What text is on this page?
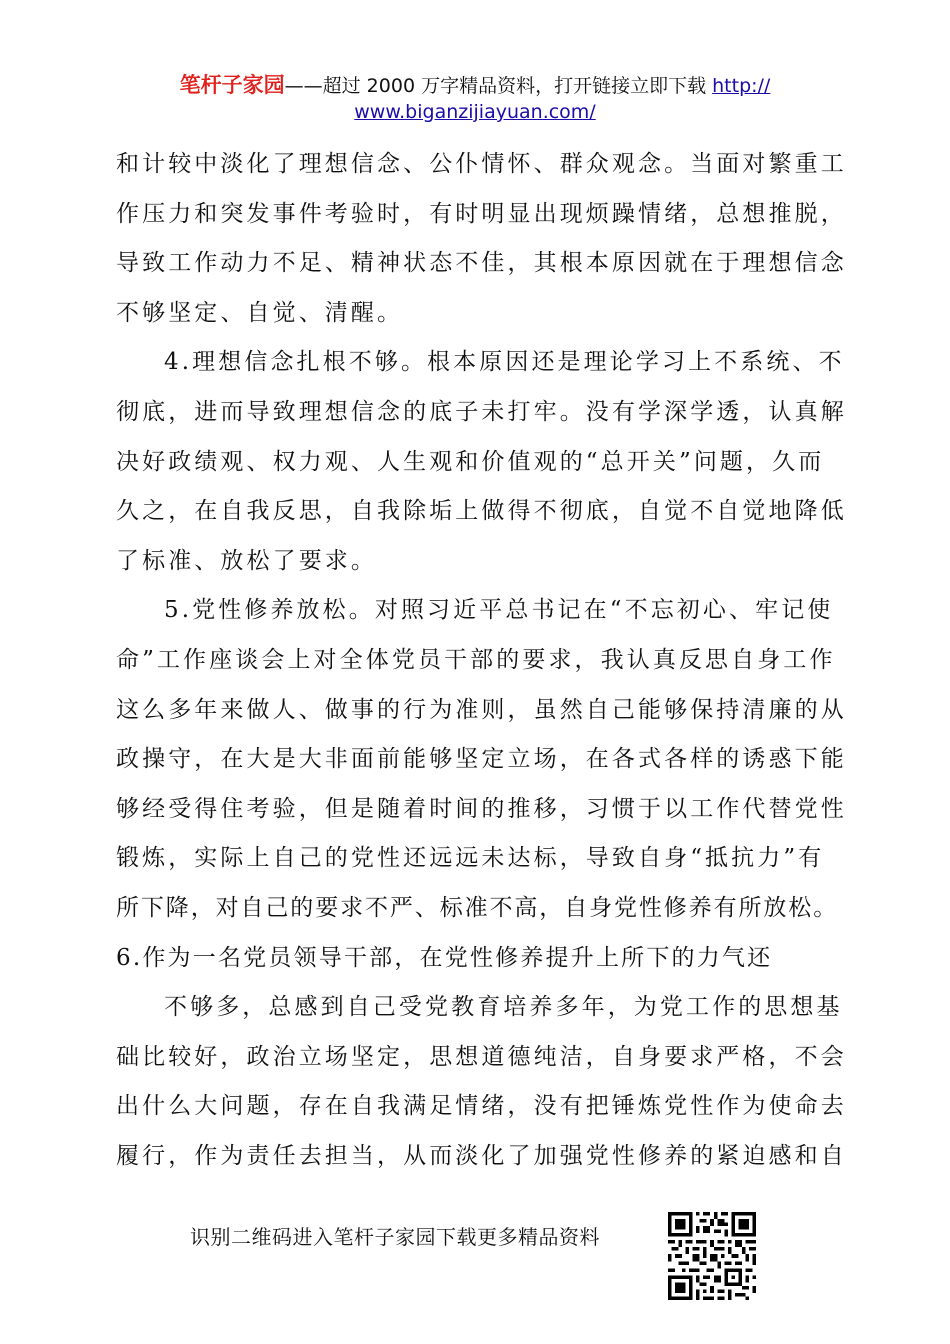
笔杆子家园——超过 2000 万字精品资料，打开链接立即下载 http://
www.biganzijiayuan.com/
和计较中淡化了理想信念、公仆情怀、群众观念。当面对繁重工
作压力和突发事件考验时，有时明显出现烦躁情绪，总想推脱，
导致工作动力不足、精神状态不佳，其根本原因就在于理想信念
不够坚定、自觉、清醒。
4.理想信念扎根不够。根本原因还是理论学习上不系统、不
彻底，进而导致理想信念的底子未打牢。没有学深学透，认真解
决好政绩观、权力观、人生观和价值观的“总开关”问题，久而
久之，在自我反思，自我除垢上做得不彻底，自觉不自觉地降低
了标准、放松了要求。
5.党性修养放松。对照习近平总书记在“不忘初心、牢记使
命”工作座谈会上对全体党员干部的要求，我认真反思自身工作
这么多年来做人、做事的行为准则，虽然自己能够保持清廉的从
政操守，在大是大非面前能够坚定立场，在各式各样的诱惑下能
够经受得住考验，但是随着时间的推移，习惯于以工作代替党性
锻炼，实际上自己的党性还远远未达标，导致自身“抵抗力”有
所下降，对自己的要求不严、标准不高，自身党性修养有所放松。
6.作为一名党员领导干部，在党性修养提升上所下的力气还
不够多，总感到自己受党教育培养多年，为党工作的思想基
础比较好，政治立场坚定，思想道德纯洁，自身要求严格，不会
出什么大问题，存在自我满足情绪，没有把锤炼党性作为使命去
履行，作为责任去担当，从而淡化了加强党性修养的紧迫感和自
识别二维码进入笔杆子家园下载更多精品资料
